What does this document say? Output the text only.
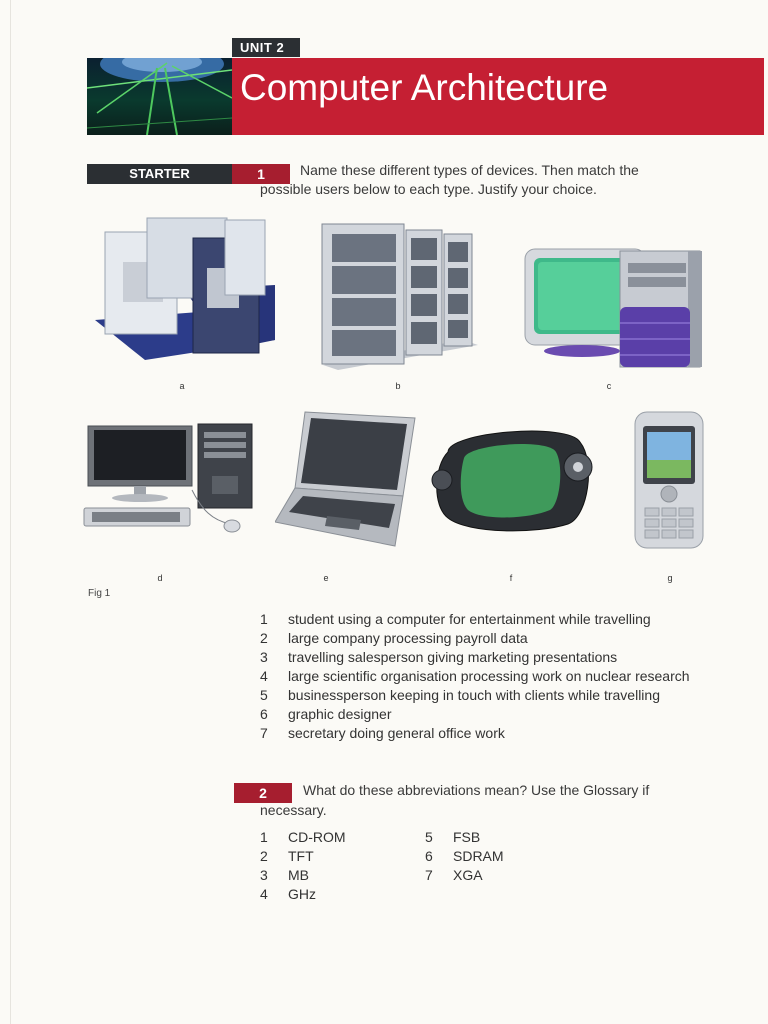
UNIT 2
Computer Architecture
STARTER	1	Name these different types of devices. Then match the
possible users below to each type. Justify your choice.
a	b	c
d	e	f	g
Fig 1
1	student using a computer for entertainment while travelling
2	large company processing payroll data
3	travelling salesperson giving marketing presentations
4	large scientific organisation processing work on nuclear research
5	businessperson keeping in touch with clients while travelling
6	graphic designer
7	secretary doing general office work
2	What do these abbreviations mean? Use the Glossary if
necessary.
1	CD-ROM
2	TFT
3	MB
4	GHz
5	FSB
6	SDRAM
7	XGA
